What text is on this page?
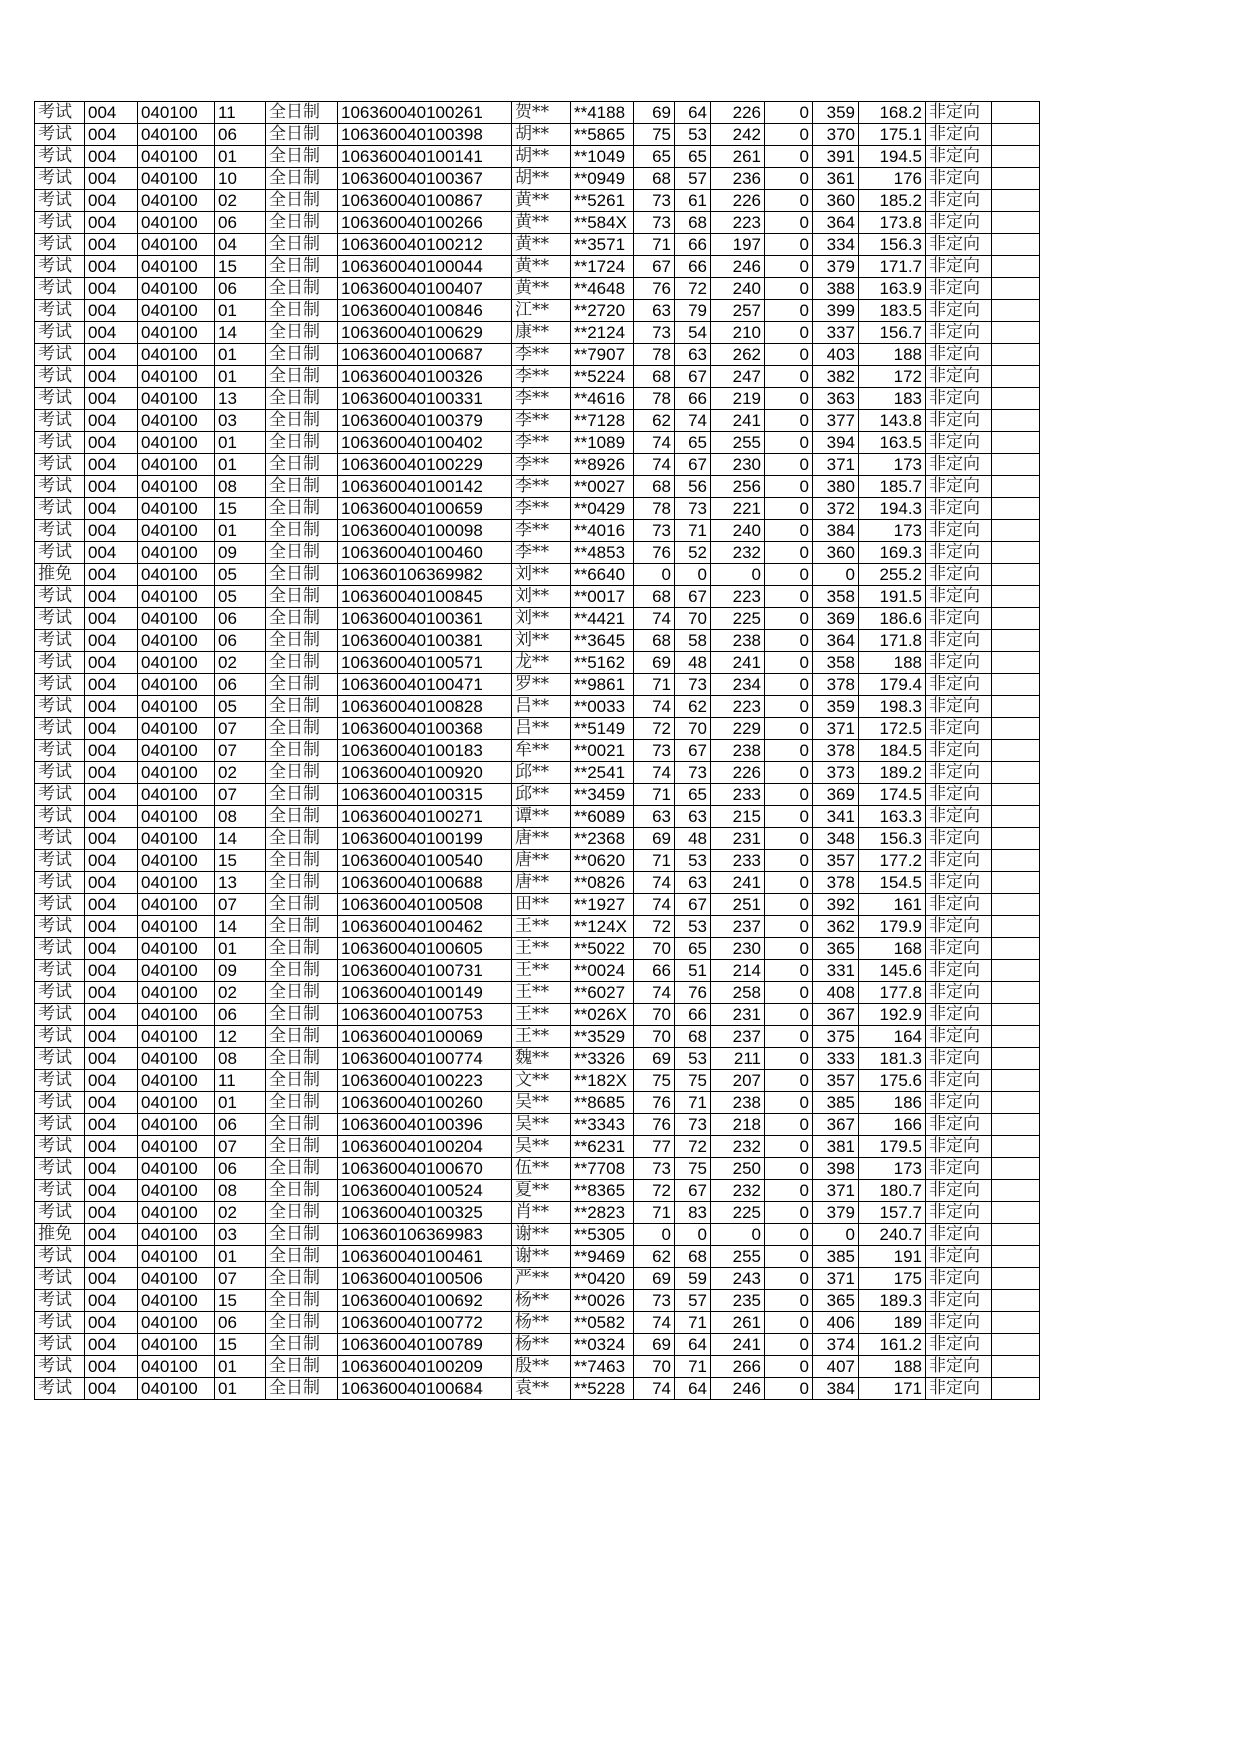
考试	004	040100	11	全日制	106360040100261	贺**	**4188	69	64	226	0	359	168.2	非定向	
考试	004	040100	06	全日制	106360040100398	胡**	**5865	75	53	242	0	370	175.1	非定向	
考试	004	040100	01	全日制	106360040100141	胡**	**1049	65	65	261	0	391	194.5	非定向	
考试	004	040100	10	全日制	106360040100367	胡**	**0949	68	57	236	0	361	176	非定向	
考试	004	040100	02	全日制	106360040100867	黄**	**5261	73	61	226	0	360	185.2	非定向	
考试	004	040100	06	全日制	106360040100266	黄**	**584X	73	68	223	0	364	173.8	非定向	
考试	004	040100	04	全日制	106360040100212	黄**	**3571	71	66	197	0	334	156.3	非定向	
考试	004	040100	15	全日制	106360040100044	黄**	**1724	67	66	246	0	379	171.7	非定向	
考试	004	040100	06	全日制	106360040100407	黄**	**4648	76	72	240	0	388	163.9	非定向	
考试	004	040100	01	全日制	106360040100846	江**	**2720	63	79	257	0	399	183.5	非定向	
考试	004	040100	14	全日制	106360040100629	康**	**2124	73	54	210	0	337	156.7	非定向	
考试	004	040100	01	全日制	106360040100687	李**	**7907	78	63	262	0	403	188	非定向	
考试	004	040100	01	全日制	106360040100326	李**	**5224	68	67	247	0	382	172	非定向	
考试	004	040100	13	全日制	106360040100331	李**	**4616	78	66	219	0	363	183	非定向	
考试	004	040100	03	全日制	106360040100379	李**	**7128	62	74	241	0	377	143.8	非定向	
考试	004	040100	01	全日制	106360040100402	李**	**1089	74	65	255	0	394	163.5	非定向	
考试	004	040100	01	全日制	106360040100229	李**	**8926	74	67	230	0	371	173	非定向	
考试	004	040100	08	全日制	106360040100142	李**	**0027	68	56	256	0	380	185.7	非定向	
考试	004	040100	15	全日制	106360040100659	李**	**0429	78	73	221	0	372	194.3	非定向	
考试	004	040100	01	全日制	106360040100098	李**	**4016	73	71	240	0	384	173	非定向	
考试	004	040100	09	全日制	106360040100460	李**	**4853	76	52	232	0	360	169.3	非定向	
推免	004	040100	05	全日制	106360106369982	刘**	**6640	0	0	0	0	0	255.2	非定向	
考试	004	040100	05	全日制	106360040100845	刘**	**0017	68	67	223	0	358	191.5	非定向	
考试	004	040100	06	全日制	106360040100361	刘**	**4421	74	70	225	0	369	186.6	非定向	
考试	004	040100	06	全日制	106360040100381	刘**	**3645	68	58	238	0	364	171.8	非定向	
考试	004	040100	02	全日制	106360040100571	龙**	**5162	69	48	241	0	358	188	非定向	
考试	004	040100	06	全日制	106360040100471	罗**	**9861	71	73	234	0	378	179.4	非定向	
考试	004	040100	05	全日制	106360040100828	吕**	**0033	74	62	223	0	359	198.3	非定向	
考试	004	040100	07	全日制	106360040100368	吕**	**5149	72	70	229	0	371	172.5	非定向	
考试	004	040100	07	全日制	106360040100183	牟**	**0021	73	67	238	0	378	184.5	非定向	
考试	004	040100	02	全日制	106360040100920	邱**	**2541	74	73	226	0	373	189.2	非定向	
考试	004	040100	07	全日制	106360040100315	邱**	**3459	71	65	233	0	369	174.5	非定向	
考试	004	040100	08	全日制	106360040100271	谭**	**6089	63	63	215	0	341	163.3	非定向	
考试	004	040100	14	全日制	106360040100199	唐**	**2368	69	48	231	0	348	156.3	非定向	
考试	004	040100	15	全日制	106360040100540	唐**	**0620	71	53	233	0	357	177.2	非定向	
考试	004	040100	13	全日制	106360040100688	唐**	**0826	74	63	241	0	378	154.5	非定向	
考试	004	040100	07	全日制	106360040100508	田**	**1927	74	67	251	0	392	161	非定向	
考试	004	040100	14	全日制	106360040100462	王**	**124X	72	53	237	0	362	179.9	非定向	
考试	004	040100	01	全日制	106360040100605	王**	**5022	70	65	230	0	365	168	非定向	
考试	004	040100	09	全日制	106360040100731	王**	**0024	66	51	214	0	331	145.6	非定向	
考试	004	040100	02	全日制	106360040100149	王**	**6027	74	76	258	0	408	177.8	非定向	
考试	004	040100	06	全日制	106360040100753	王**	**026X	70	66	231	0	367	192.9	非定向	
考试	004	040100	12	全日制	106360040100069	王**	**3529	70	68	237	0	375	164	非定向	
考试	004	040100	08	全日制	106360040100774	魏**	**3326	69	53	211	0	333	181.3	非定向	
考试	004	040100	11	全日制	106360040100223	文**	**182X	75	75	207	0	357	175.6	非定向	
考试	004	040100	01	全日制	106360040100260	吴**	**8685	76	71	238	0	385	186	非定向	
考试	004	040100	06	全日制	106360040100396	吴**	**3343	76	73	218	0	367	166	非定向	
考试	004	040100	07	全日制	106360040100204	吴**	**6231	77	72	232	0	381	179.5	非定向	
考试	004	040100	06	全日制	106360040100670	伍**	**7708	73	75	250	0	398	173	非定向	
考试	004	040100	08	全日制	106360040100524	夏**	**8365	72	67	232	0	371	180.7	非定向	
考试	004	040100	02	全日制	106360040100325	肖**	**2823	71	83	225	0	379	157.7	非定向	
推免	004	040100	03	全日制	106360106369983	谢**	**5305	0	0	0	0	0	240.7	非定向	
考试	004	040100	01	全日制	106360040100461	谢**	**9469	62	68	255	0	385	191	非定向	
考试	004	040100	07	全日制	106360040100506	严**	**0420	69	59	243	0	371	175	非定向	
考试	004	040100	15	全日制	106360040100692	杨**	**0026	73	57	235	0	365	189.3	非定向	
考试	004	040100	06	全日制	106360040100772	杨**	**0582	74	71	261	0	406	189	非定向	
考试	004	040100	15	全日制	106360040100789	杨**	**0324	69	64	241	0	374	161.2	非定向	
考试	004	040100	01	全日制	106360040100209	殷**	**7463	70	71	266	0	407	188	非定向	
考试	004	040100	01	全日制	106360040100684	袁**	**5228	74	64	246	0	384	171	非定向	
